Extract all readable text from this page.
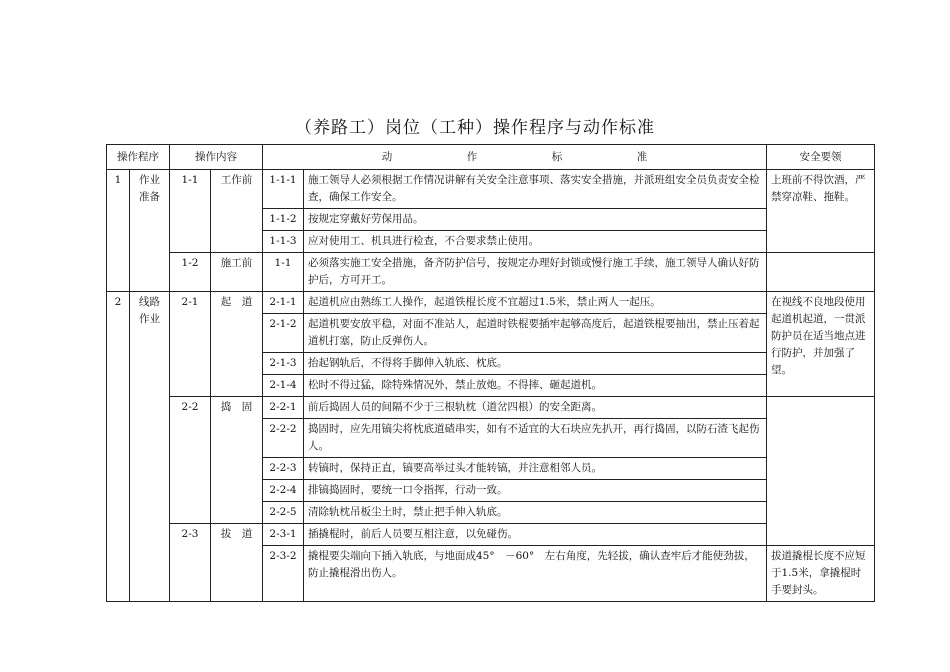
（养路工）岗位（工种）操作程序与动作标准
操作程序		操作内容		动　作　标　准		安全要领
1	作业准备	1-1	工作前	1-1-1	施工领导人必须根据工作情况讲解有关安全注意事项、落实安全措施，并派班组安全员负责安全检查，确保工作安全。	上班前不得饮酒，严禁穿凉鞋、拖鞋。
				1-1-2	按规定穿戴好劳保用品。	
				1-1-3	应对使用工、机具进行检查，不合要求禁止使用。	
		1-2	施工前	1-1	必须落实施工安全措施，备齐防护信号，按规定办理好封锁或慢行施工手续，施工领导人确认好防护后，方可开工。	
2	线路作业	2-1	起　道	2-1-1	起道机应由熟练工人操作，起道铁棍长度不宜超过1.5米，禁止两人一起压。	在视线不良地段使用起道机起道，一贯派防护员在适当地点进行防护，并加强了望。
				2-1-2	起道机要安放平稳，对面不准站人，起道时铁棍要插牢起够高度后，起道铁棍要抽出，禁止压着起道机打塞，防止反弹伤人。	
				2-1-3	抬起钢轨后，不得将手脚伸入轨底、枕底。	
				2-1-4	松时不得过猛，除特殊情况外，禁止放炮。不得摔、砸起道机。	
		2-2	捣　固	2-2-1	前后捣固人员的间隔不少于三根轨枕（道岔四根）的安全距离。	
				2-2-2	捣固时，应先用镐尖将枕底道碴串实，如有不适宜的大石块应先扒开，再行捣固，以防石渣飞起伤人。	
				2-2-3	转镐时，保持正直，镐要高举过头才能转镐，并注意相邻人员。	
				2-2-4	排镐捣固时，要统一口令指挥，行动一致。	
				2-2-5	清除轨枕吊板尘土时，禁止把手伸入轨底。	
		2-3	拔　道	2-3-1	插撬棍时，前后人员要互相注意，以免碰伤。	
				2-3-2	撬棍要尖端向下插入轨底，与地面成45°　－60°　左右角度，先轻拔，确认查牢后才能使劲拔，防止撬棍滑出伤人。	拔道撬棍长度不应短于1.5米，拿撬棍时手要封头。
